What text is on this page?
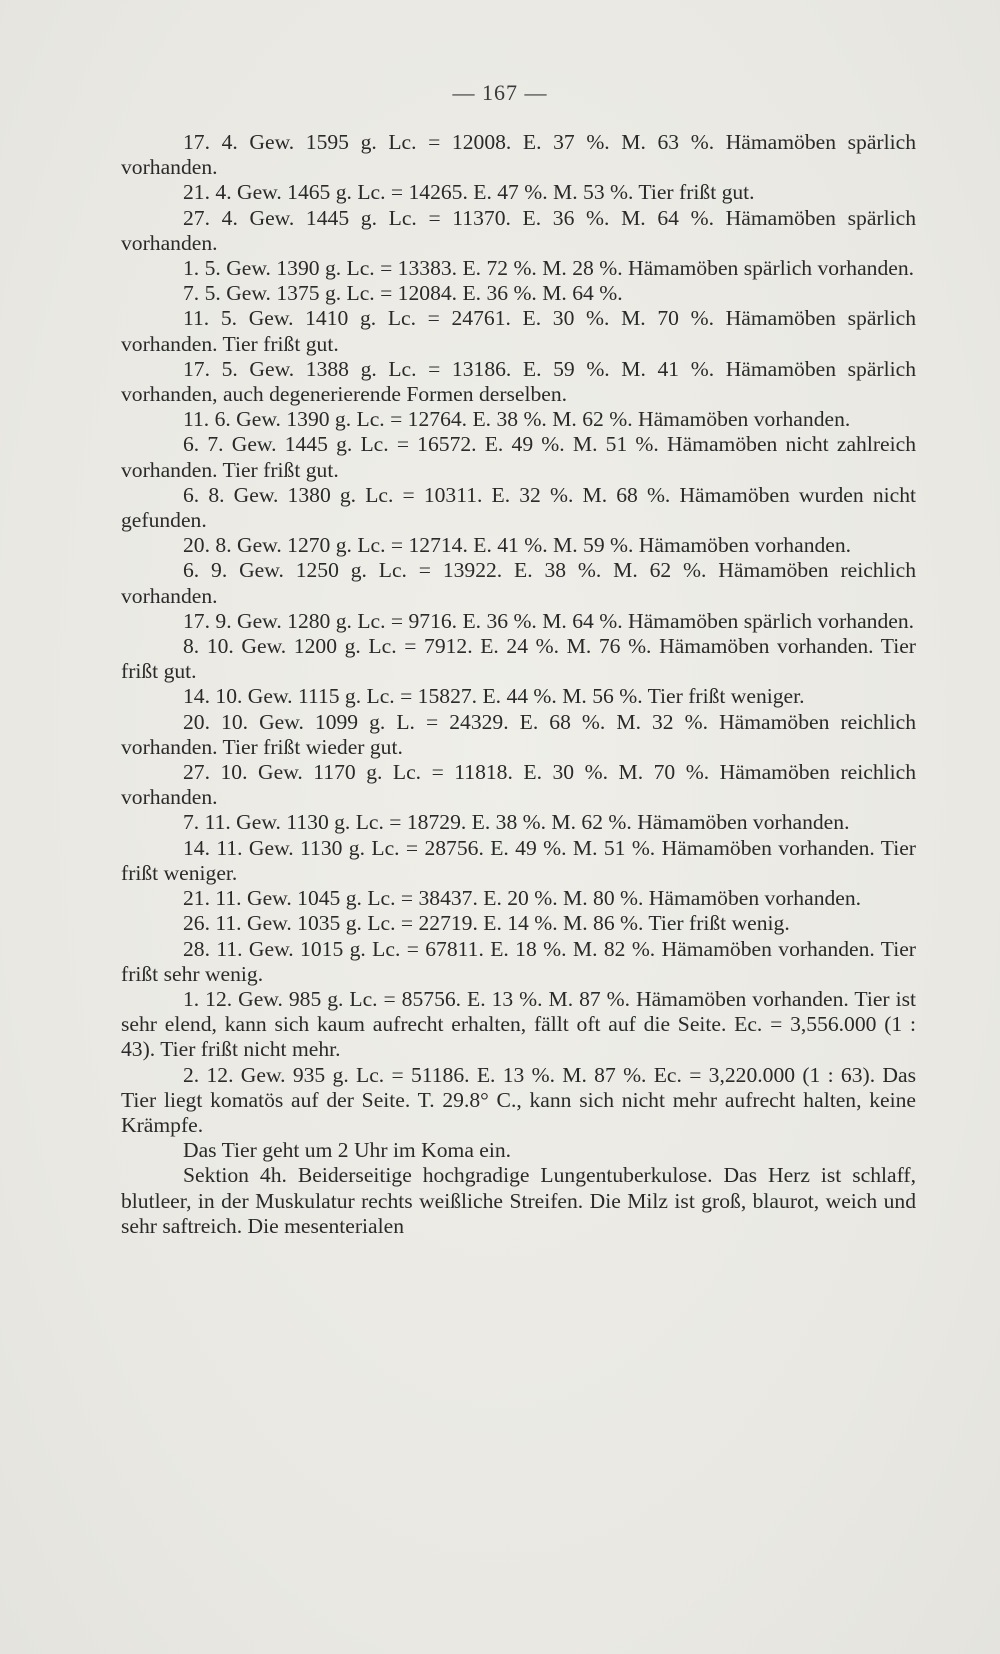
— 167 —

17. 4. Gew. 1595 g. Lc. = 12008. E. 37 %. M. 63 %. Hämamöben spärlich vorhanden.

21. 4. Gew. 1465 g. Lc. = 14265. E. 47 %. M. 53 %. Tier frißt gut.

27. 4. Gew. 1445 g. Lc. = 11370. E. 36 %. M. 64 %. Hämamöben spärlich vorhanden.

1. 5. Gew. 1390 g. Lc. = 13383. E. 72 %. M. 28 %. Hämamöben spärlich vorhanden.

7. 5. Gew. 1375 g. Lc. = 12084. E. 36 %. M. 64 %.

11. 5. Gew. 1410 g. Lc. = 24761. E. 30 %. M. 70 %. Hämamöben spärlich vorhanden. Tier frißt gut.

17. 5. Gew. 1388 g. Lc. = 13186. E. 59 %. M. 41 %. Hämamöben spärlich vorhanden, auch degenerierende Formen derselben.

11. 6. Gew. 1390 g. Lc. = 12764. E. 38 %. M. 62 %. Hämamöben vorhanden.

6. 7. Gew. 1445 g. Lc. = 16572. E. 49 %. M. 51 %. Hämamöben nicht zahlreich vorhanden. Tier frißt gut.

6. 8. Gew. 1380 g. Lc. = 10311. E. 32 %. M. 68 %. Hämamöben wurden nicht gefunden.

20. 8. Gew. 1270 g. Lc. = 12714. E. 41 %. M. 59 %. Hämamöben vorhanden.

6. 9. Gew. 1250 g. Lc. = 13922. E. 38 %. M. 62 %. Hämamöben reichlich vorhanden.

17. 9. Gew. 1280 g. Lc. = 9716. E. 36 %. M. 64 %. Hämamöben spärlich vorhanden.

8. 10. Gew. 1200 g. Lc. = 7912. E. 24 %. M. 76 %. Hämamöben vorhanden. Tier frißt gut.

14. 10. Gew. 1115 g. Lc. = 15827. E. 44 %. M. 56 %. Tier frißt weniger.

20. 10. Gew. 1099 g. L. = 24329. E. 68 %. M. 32 %. Hämamöben reichlich vorhanden. Tier frißt wieder gut.

27. 10. Gew. 1170 g. Lc. = 11818. E. 30 %. M. 70 %. Hämamöben reichlich vorhanden.

7. 11. Gew. 1130 g. Lc. = 18729. E. 38 %. M. 62 %. Hämamöben vorhanden.

14. 11. Gew. 1130 g. Lc. = 28756. E. 49 %. M. 51 %. Hämamöben vorhanden. Tier frißt weniger.

21. 11. Gew. 1045 g. Lc. = 38437. E. 20 %. M. 80 %. Hämamöben vorhanden.

26. 11. Gew. 1035 g. Lc. = 22719. E. 14 %. M. 86 %. Tier frißt wenig.

28. 11. Gew. 1015 g. Lc. = 67811. E. 18 %. M. 82 %. Hämamöben vorhanden. Tier frißt sehr wenig.

1. 12. Gew. 985 g. Lc. = 85756. E. 13 %. M. 87 %. Hämamöben vorhanden. Tier ist sehr elend, kann sich kaum aufrecht erhalten, fällt oft auf die Seite. Ec. = 3,556.000 (1 : 43). Tier frißt nicht mehr.

2. 12. Gew. 935 g. Lc. = 51186. E. 13 %. M. 87 %. Ec. = 3,220.000 (1 : 63). Das Tier liegt komatös auf der Seite. T. 29.8° C., kann sich nicht mehr aufrecht halten, keine Krämpfe.

Das Tier geht um 2 Uhr im Koma ein.

Sektion 4h. Beiderseitige hochgradige Lungentuberkulose. Das Herz ist schlaff, blutleer, in der Muskulatur rechts weißliche Streifen. Die Milz ist groß, blaurot, weich und sehr saftreich. Die mesenterialen
